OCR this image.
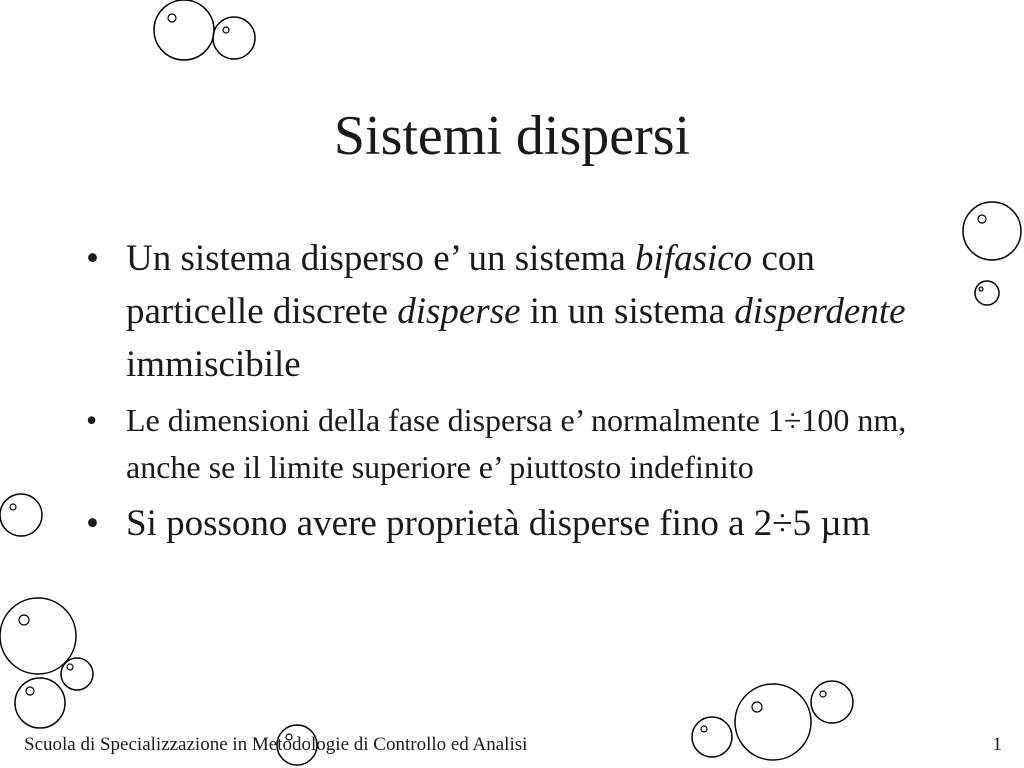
Sistemi dispersi
• Un sistema disperso e’ un sistema bifasico con particelle discrete disperse in un sistema disperdente immiscibile
• Le dimensioni della fase dispersa e’ normalmente 1÷100 nm, anche se il limite superiore e’ piuttosto indefinito
• Si possono avere proprietà disperse fino a 2÷5 µm
Scuola di Specializzazione in Metodologie di Controllo ed Analisi	1
